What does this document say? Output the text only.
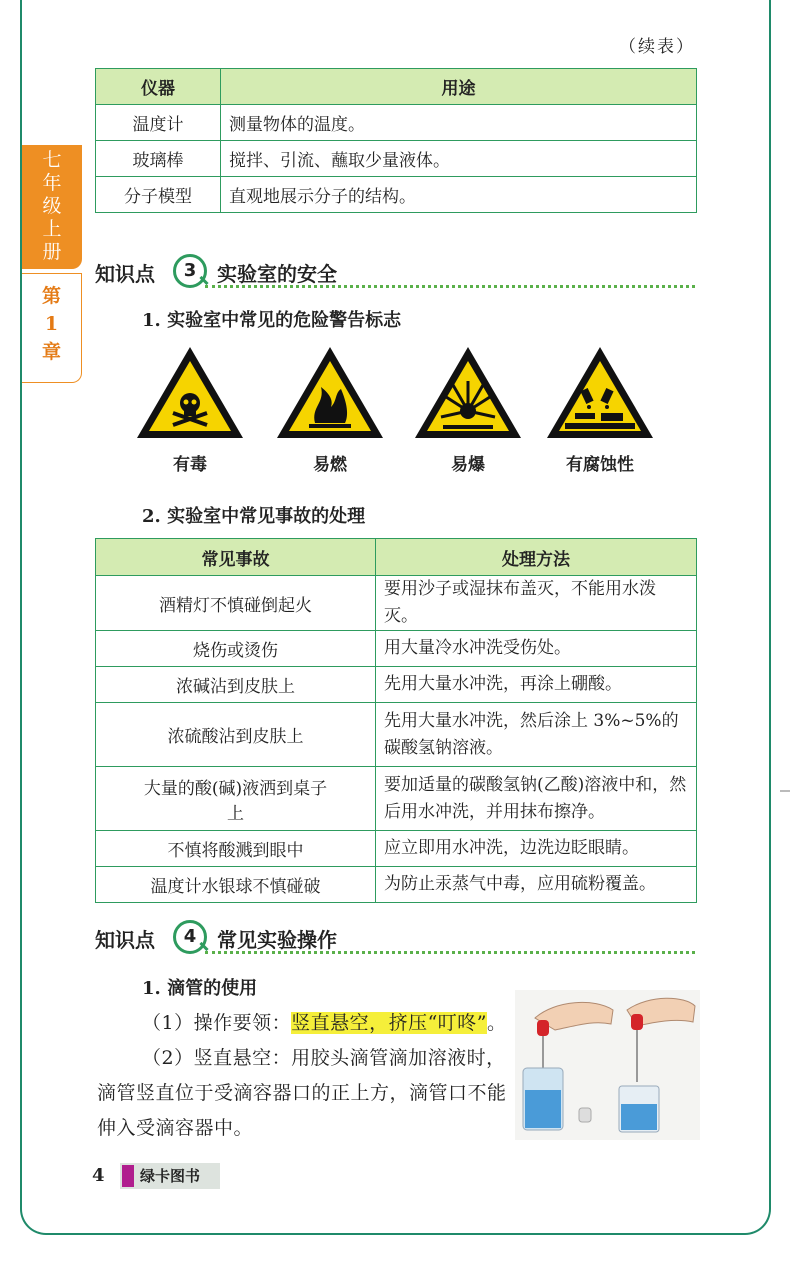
（续表）
仪器	用途
温度计	测量物体的温度。
玻璃棒	搅拌、引流、蘸取少量液体。
分子模型	直观地展示分子的结构。
七
年
级
上
册
第
1
章
知识点	3	实验室的安全
1. 实验室中常见的危险警告标志
有毒	易燃	易爆	有腐蚀性
2. 实验室中常见事故的处理
常见事故	处理方法
酒精灯不慎碰倒起火	要用沙子或湿抹布盖灭，不能用水泼灭。
烧伤或烫伤	用大量冷水冲洗受伤处。
浓碱沾到皮肤上	先用大量水冲洗，再涂上硼酸。
浓硫酸沾到皮肤上	先用大量水冲洗，然后涂上 3%~5%的碳酸氢钠溶液。
大量的酸(碱)液洒到桌子上	要加适量的碳酸氢钠(乙酸)溶液中和，然后用水冲洗，并用抹布擦净。
不慎将酸溅到眼中	应立即用水冲洗，边洗边眨眼睛。
温度计水银球不慎碰破	为防止汞蒸气中毒，应用硫粉覆盖。
知识点	4	常见实验操作
1. 滴管的使用
（1）操作要领：竖直悬空，挤压“叮咚”。
（2）竖直悬空：用胶头滴管滴加溶液时，滴管竖直位于受滴容器口的正上方，滴管口不能伸入受滴容器中。
4 绿卡图书
